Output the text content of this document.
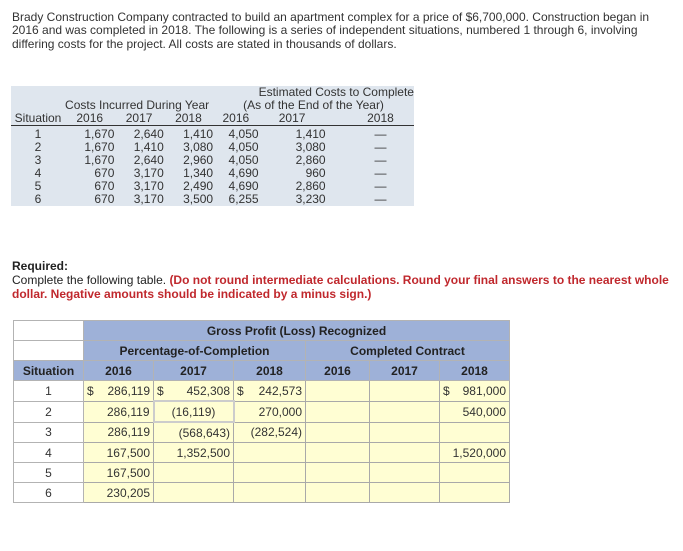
Brady Construction Company contracted to build an apartment complex for a price of $6,700,000. Construction began in 2016 and was completed in 2018. The following is a series of independent situations, numbered 1 through 6, involving differing costs for the project. All costs are stated in thousands of dollars.
					Estimated Costs to Complete		
	Costs Incurred During Year			(As of the End of the Year)			
Situation	2016	2017	2018	2016	2017		2018
1	1,670	2,640	1,410	4,050	1,410		—
2	1,670	1,410	3,080	4,050	3,080		—
3	1,670	2,640	2,960	4,050	2,860		—
4	670	3,170	1,340	4,690	960		—
5	670	3,170	2,490	4,690	2,860		—
6	670	3,170	3,500	6,255	3,230		—
Required:
Complete the following table. (Do not round intermediate calculations. Round your final answers to the nearest whole dollar. Negative amounts should be indicated by a minus sign.)
	Gross Profit (Loss) Recognized					
	Percentage-of-Completion			Completed Contract		
Situation	2016	2017	2018	2016	2017	2018
1	$ 286,119	$ 452,308	$ 242,573			$ 981,000

2	286,119	(16,119)	270,000			540,000
3	286,119	(568,643)	(282,524)			
4	167,500	1,352,500				1,520,000
5	167,500					
6	230,205					
